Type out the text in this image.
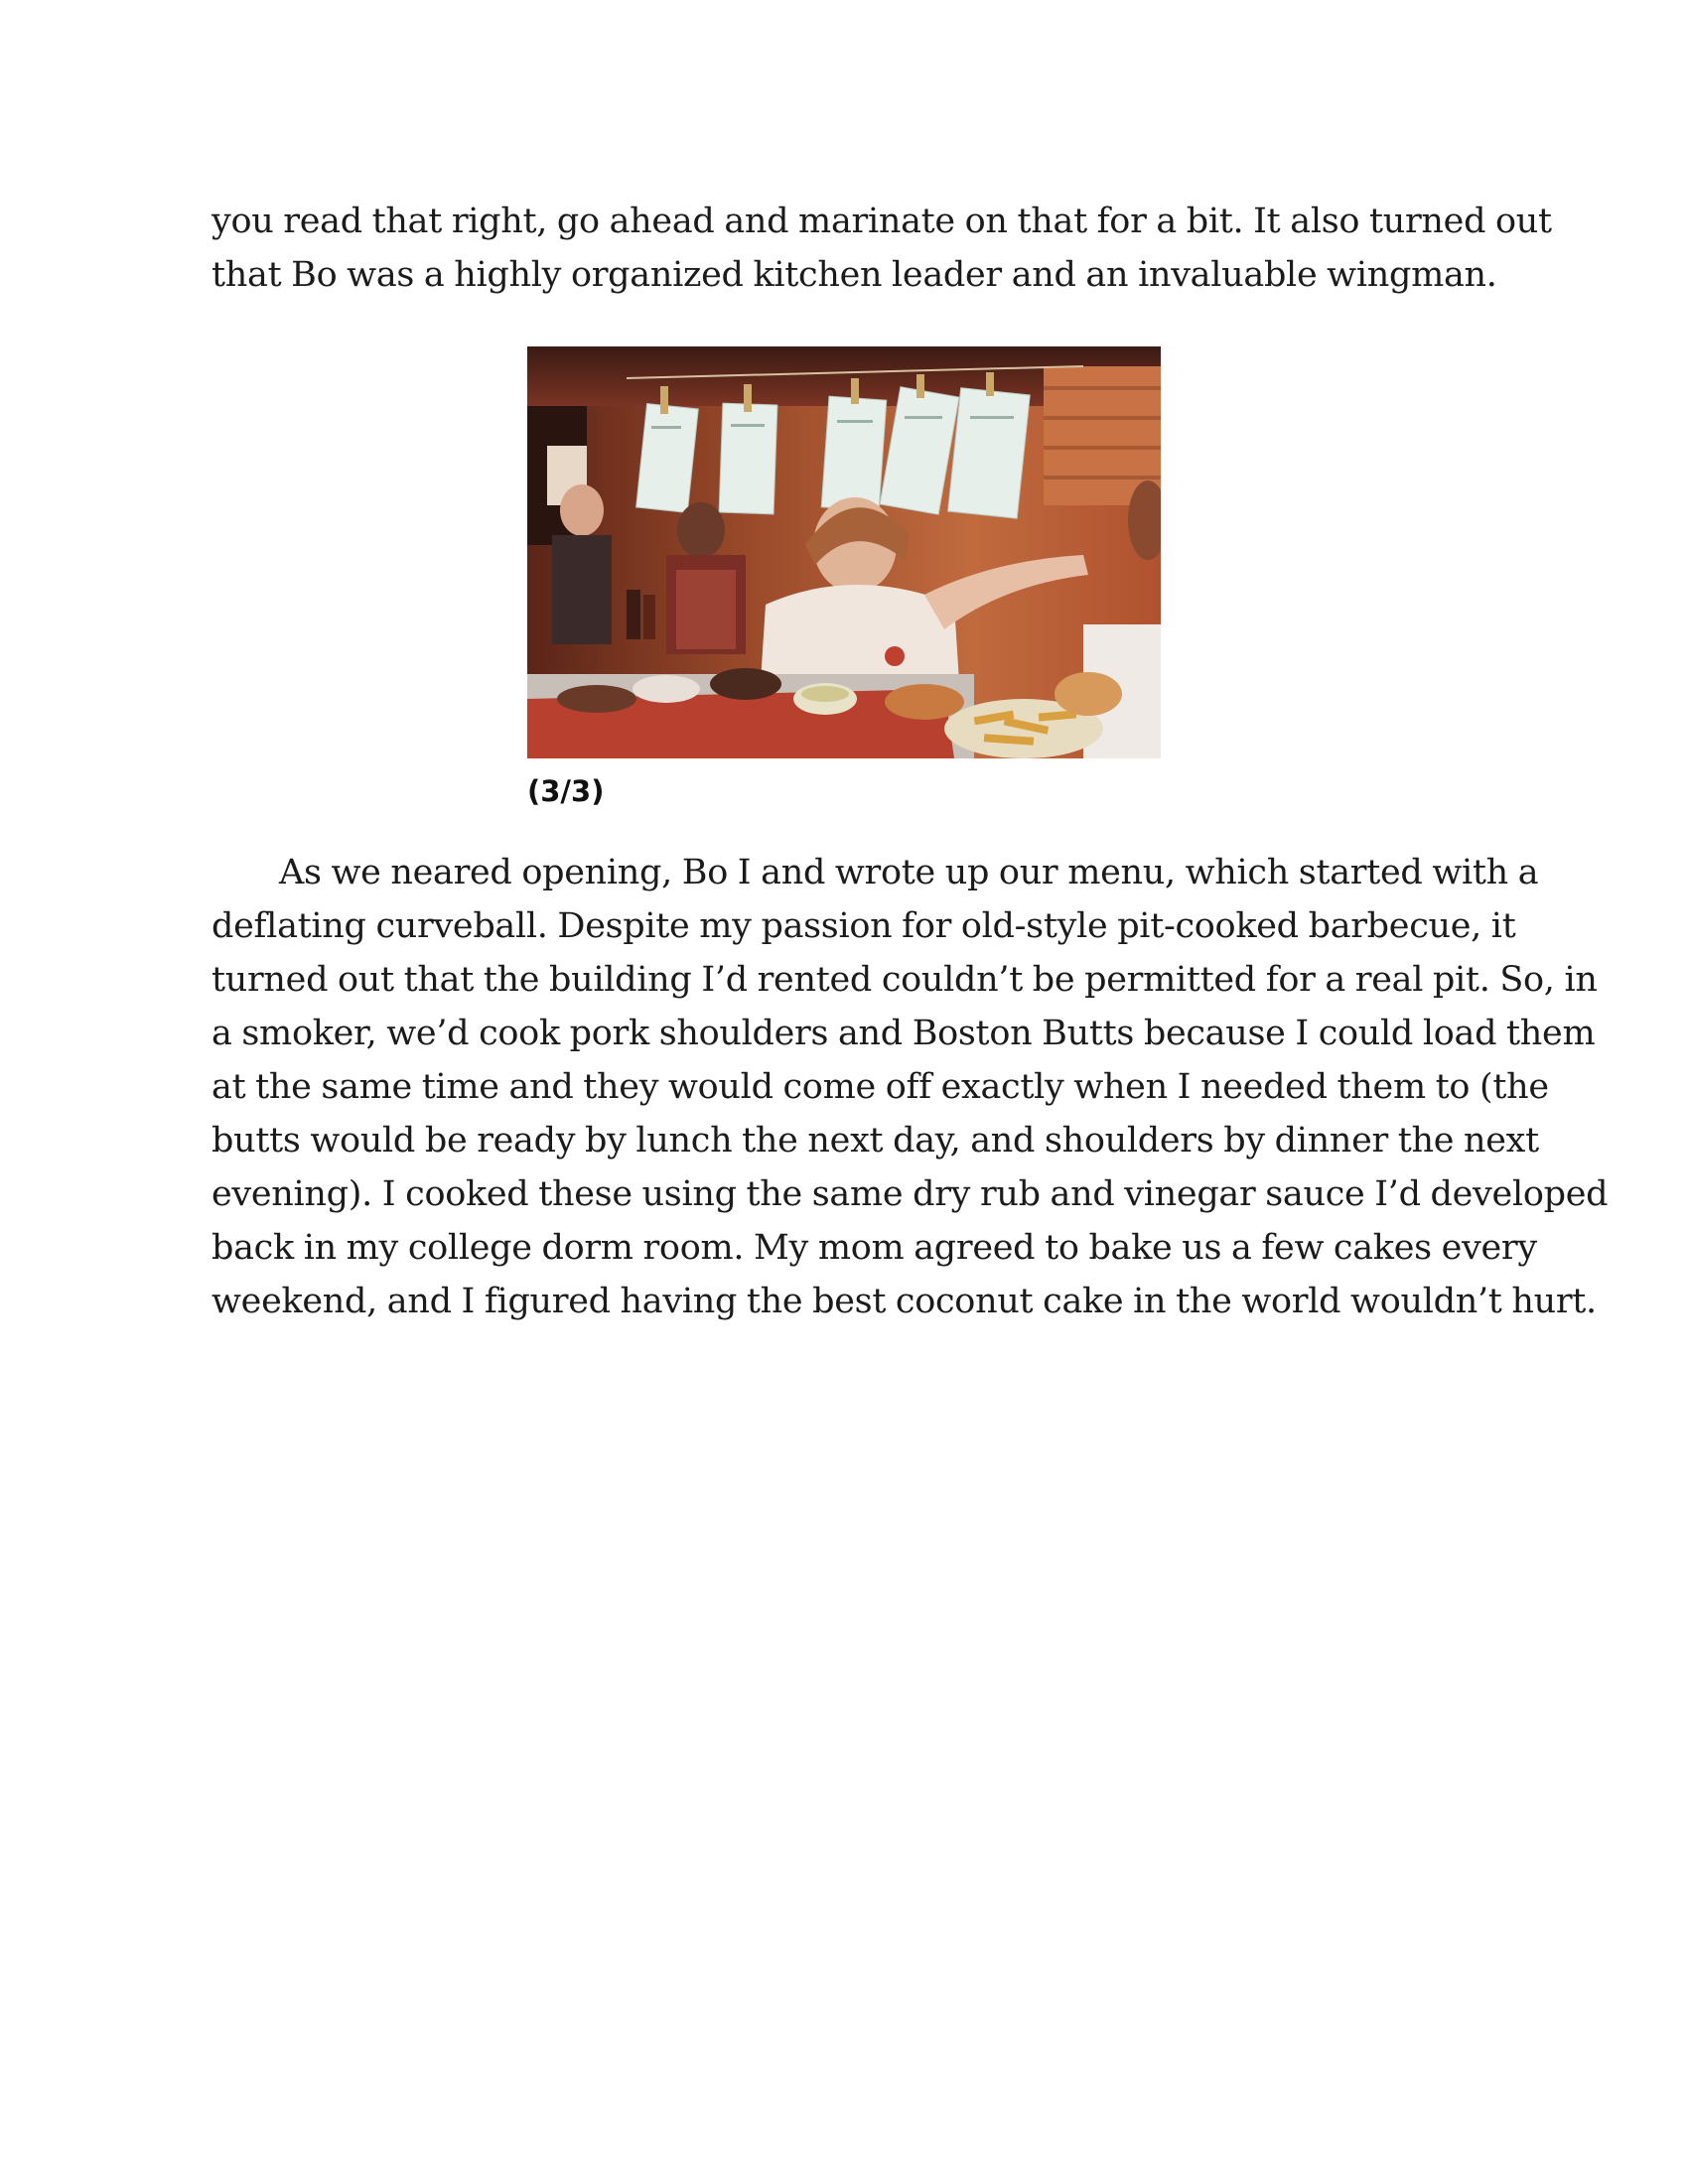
you read that right, go ahead and marinate on that for a bit. It also turned out
that Bo was a highly organized kitchen leader and an invaluable wingman.

(3/3)

As we neared opening, Bo I and wrote up our menu, which started with a
deflating curveball. Despite my passion for old-style pit-cooked barbecue, it
turned out that the building I’d rented couldn’t be permitted for a real pit. So, in
a smoker, we’d cook pork shoulders and Boston Butts because I could load them
at the same time and they would come off exactly when I needed them to (the
butts would be ready by lunch the next day, and shoulders by dinner the next
evening). I cooked these using the same dry rub and vinegar sauce I’d developed
back in my college dorm room. My mom agreed to bake us a few cakes every
weekend, and I figured having the best coconut cake in the world wouldn’t hurt.
